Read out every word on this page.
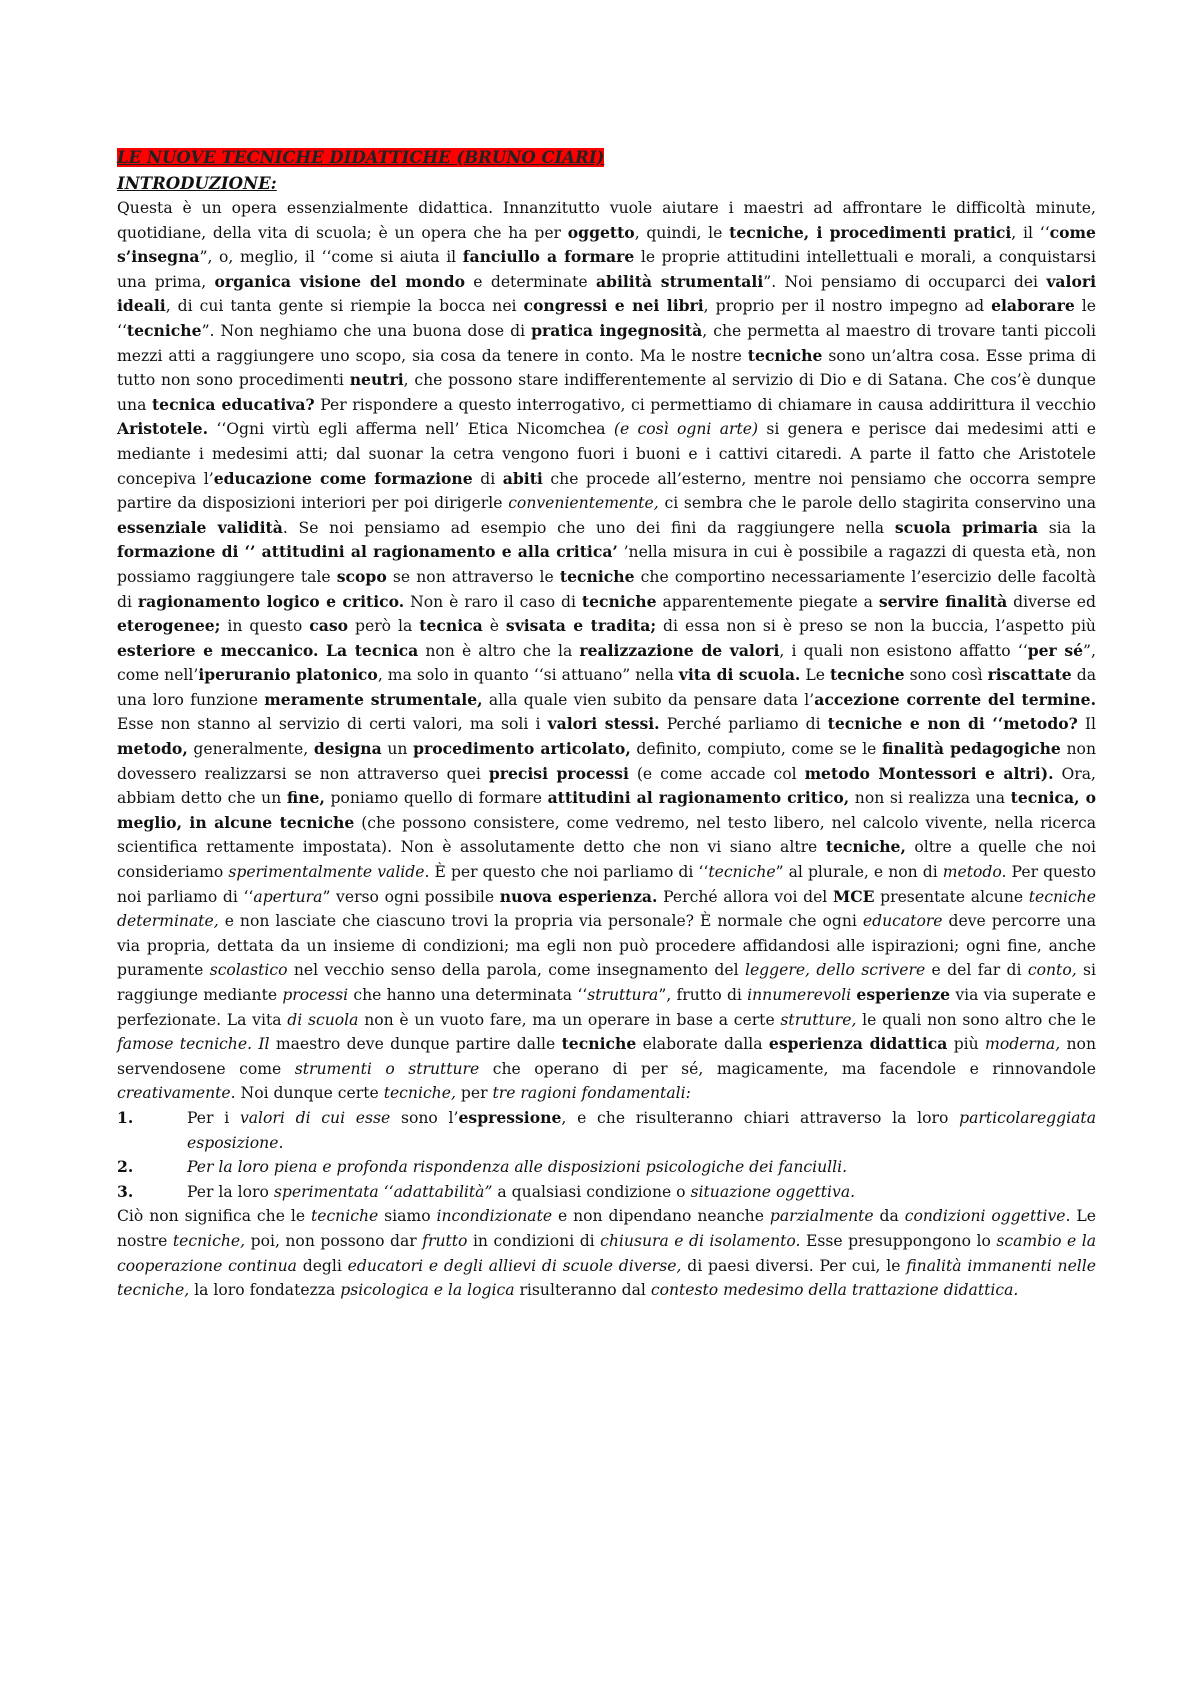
LE NUOVE TECNICHE DIDATTICHE (BRUNO CIARI)
INTRODUZIONE:

Questa è un opera essenzialmente didattica. Innanzitutto vuole aiutare i maestri ad affrontare le difficoltà minute, quotidiane, della vita di scuola; è un opera che ha per oggetto, quindi, le tecniche, i procedimenti pratici, il ‘‘come s’insegna”, o, meglio, il ‘‘come si aiuta il fanciullo a formare le proprie attitudini intellettuali e morali, a conquistarsi una prima, organica visione del mondo e determinate abilità strumentali”. Noi pensiamo di occuparci dei valori ideali, di cui tanta gente si riempie la bocca nei congressi e nei libri, proprio per il nostro impegno ad elaborare le ‘‘tecniche”. Non neghiamo che una buona dose di pratica ingegnosità, che permetta al maestro di trovare tanti piccoli mezzi atti a raggiungere uno scopo, sia cosa da tenere in conto. Ma le nostre tecniche sono un’altra cosa. Esse prima di tutto non sono procedimenti neutri, che possono stare indifferentemente al servizio di Dio e di Satana. Che cos’è dunque una tecnica educativa? Per rispondere a questo interrogativo, ci permettiamo di chiamare in causa addirittura il vecchio Aristotele. ‘‘Ogni virtù egli afferma nell’ Etica Nicomchea (e così ogni arte) si genera e perisce dai medesimi atti e mediante i medesimi atti; dal suonar la cetra vengono fuori i buoni e i cattivi citaredi. A parte il fatto che Aristotele concepiva l’educazione come formazione di abiti che procede all’esterno, mentre noi pensiamo che occorra sempre partire da disposizioni interiori per poi dirigerle convenientemente, ci sembra che le parole dello stagirita conservino una essenziale validità. Se noi pensiamo ad esempio che uno dei fini da raggiungere nella scuola primaria sia la formazione di ‘’ attitudini al ragionamento e alla critica’ ’nella misura in cui è possibile a ragazzi di questa età, non possiamo raggiungere tale scopo se non attraverso le tecniche che comportino necessariamente l’esercizio delle facoltà di ragionamento logico e critico. Non è raro il caso di tecniche apparentemente piegate a servire finalità diverse ed eterogenee; in questo caso però la tecnica è svisata e tradita; di essa non si è preso se non la buccia, l’aspetto più esteriore e meccanico. La tecnica non è altro che la realizzazione de valori, i quali non esistono affatto ‘‘per sé”, come nell’iperuranio platonico, ma solo in quanto ‘‘si attuano” nella vita di scuola. Le tecniche sono così riscattate da una loro funzione meramente strumentale, alla quale vien subito da pensare data l’accezione corrente del termine. Esse non stanno al servizio di certi valori, ma soli i valori stessi. Perché parliamo di tecniche e non di ‘‘metodo? Il metodo, generalmente, designa un procedimento articolato, definito, compiuto, come se le finalità pedagogiche non dovessero realizzarsi se non attraverso quei precisi processi (e come accade col metodo Montessori e altri). Ora, abbiam detto che un fine, poniamo quello di formare attitudini al ragionamento critico, non si realizza una tecnica, o meglio, in alcune tecniche (che possono consistere, come vedremo, nel testo libero, nel calcolo vivente, nella ricerca scientifica rettamente impostata). Non è assolutamente detto che non vi siano altre tecniche, oltre a quelle che noi consideriamo sperimentalmente valide. È per questo che noi parliamo di ‘‘tecniche” al plurale, e non di metodo. Per questo noi parliamo di ‘‘apertura” verso ogni possibile nuova esperienza. Perché allora voi del MCE presentate alcune tecniche determinate, e non lasciate che ciascuno trovi la propria via personale? È normale che ogni educatore deve percorre una via propria, dettata da un insieme di condizioni; ma egli non può procedere affidandosi alle ispirazioni; ogni fine, anche puramente scolastico nel vecchio senso della parola, come insegnamento del leggere, dello scrivere e del far di conto, si raggiunge mediante processi che hanno una determinata ‘‘struttura”, frutto di innumerevoli esperienze via via superate e perfezionate. La vita di scuola non è un vuoto fare, ma un operare in base a certe strutture, le quali non sono altro che le famose tecniche. Il maestro deve dunque partire dalle tecniche elaborate dalla esperienza didattica più moderna, non servendosene come strumenti o strutture che operano di per sé, magicamente, ma facendole e rinnovandole creativamente. Noi dunque certe tecniche, per tre ragioni fondamentali:

1.	Per i valori di cui esse sono l’espressione, e che risulteranno chiari attraverso la loro particolareggiata esposizione.
2.	Per la loro piena e profonda rispondenza alle disposizioni psicologiche dei fanciulli.
3.	Per la loro sperimentata ‘‘adattabilità” a qualsiasi condizione o situazione oggettiva.

Ciò non significa che le tecniche siamo incondizionate e non dipendano neanche parzialmente da condizioni oggettive. Le nostre tecniche, poi, non possono dar frutto in condizioni di chiusura e di isolamento. Esse presuppongono lo scambio e la cooperazione continua degli educatori e degli allievi di scuole diverse, di paesi diversi. Per cui, le finalità immanenti nelle tecniche, la loro fondatezza psicologica e la logica risulteranno dal contesto medesimo della trattazione didattica.
